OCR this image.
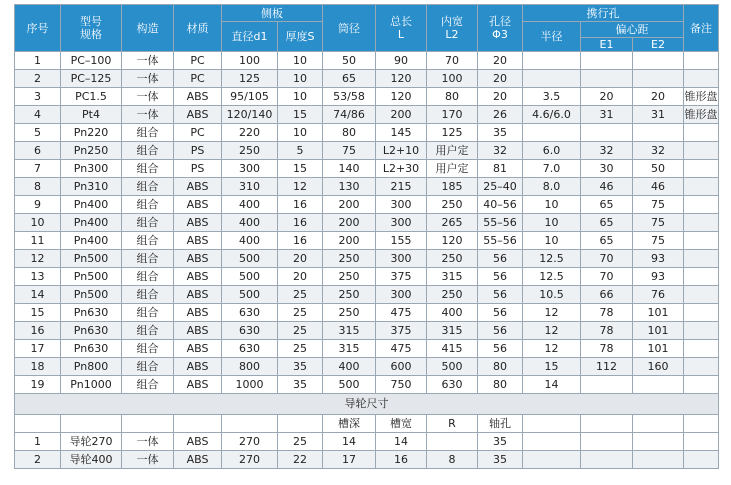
序号	型号规格	构造	材质	侧板		筒径	总长L	内宽L2	孔径Φ3	携行孔			备注
				直径d1	厚度S					半径	偏心距		
											E1	E2	
1	PC–100	一体	PC	100	10	50	90	70	20				
2	PC–125	一体	PC	125	10	65	120	100	20				
3	PC1.5	一体	ABS	95/105	10	53/58	120	80	20	3.5	20	20	锥形盘
4	Pt4	一体	ABS	120/140	15	74/86	200	170	26	4.6/6.0	31	31	锥形盘
5	Pn220	组合	PC	220	10	80	145	125	35				
6	Pn250	组合	PS	250	5	75	L2+10	用户定	32	6.0	32	32	
7	Pn300	组合	PS	300	15	140	L2+30	用户定	81	7.0	30	50	
8	Pn310	组合	ABS	310	12	130	215	185	25–40	8.0	46	46	
9	Pn400	组合	ABS	400	16	200	300	250	40–56	10	65	75	
10	Pn400	组合	ABS	400	16	200	300	265	55–56	10	65	75	
11	Pn400	组合	ABS	400	16	200	155	120	55–56	10	65	75	
12	Pn500	组合	ABS	500	20	250	300	250	56	12.5	70	93	
13	Pn500	组合	ABS	500	20	250	375	315	56	12.5	70	93	
14	Pn500	组合	ABS	500	25	250	300	250	56	10.5	66	76	
15	Pn630	组合	ABS	630	25	250	475	400	56	12	78	101	
16	Pn630	组合	ABS	630	25	315	375	315	56	12	78	101	
17	Pn630	组合	ABS	630	25	315	475	415	56	12	78	101	
18	Pn800	组合	ABS	800	35	400	600	500	80	15	112	160	
19	Pn1000	组合	ABS	1000	35	500	750	630	80	14			
导轮尺寸													
						槽深	槽宽	R	轴孔				
1	导轮270	一体	ABS	270	25	14	14		35				
2	导轮400	一体	ABS	270	22	17	16	8	35				
